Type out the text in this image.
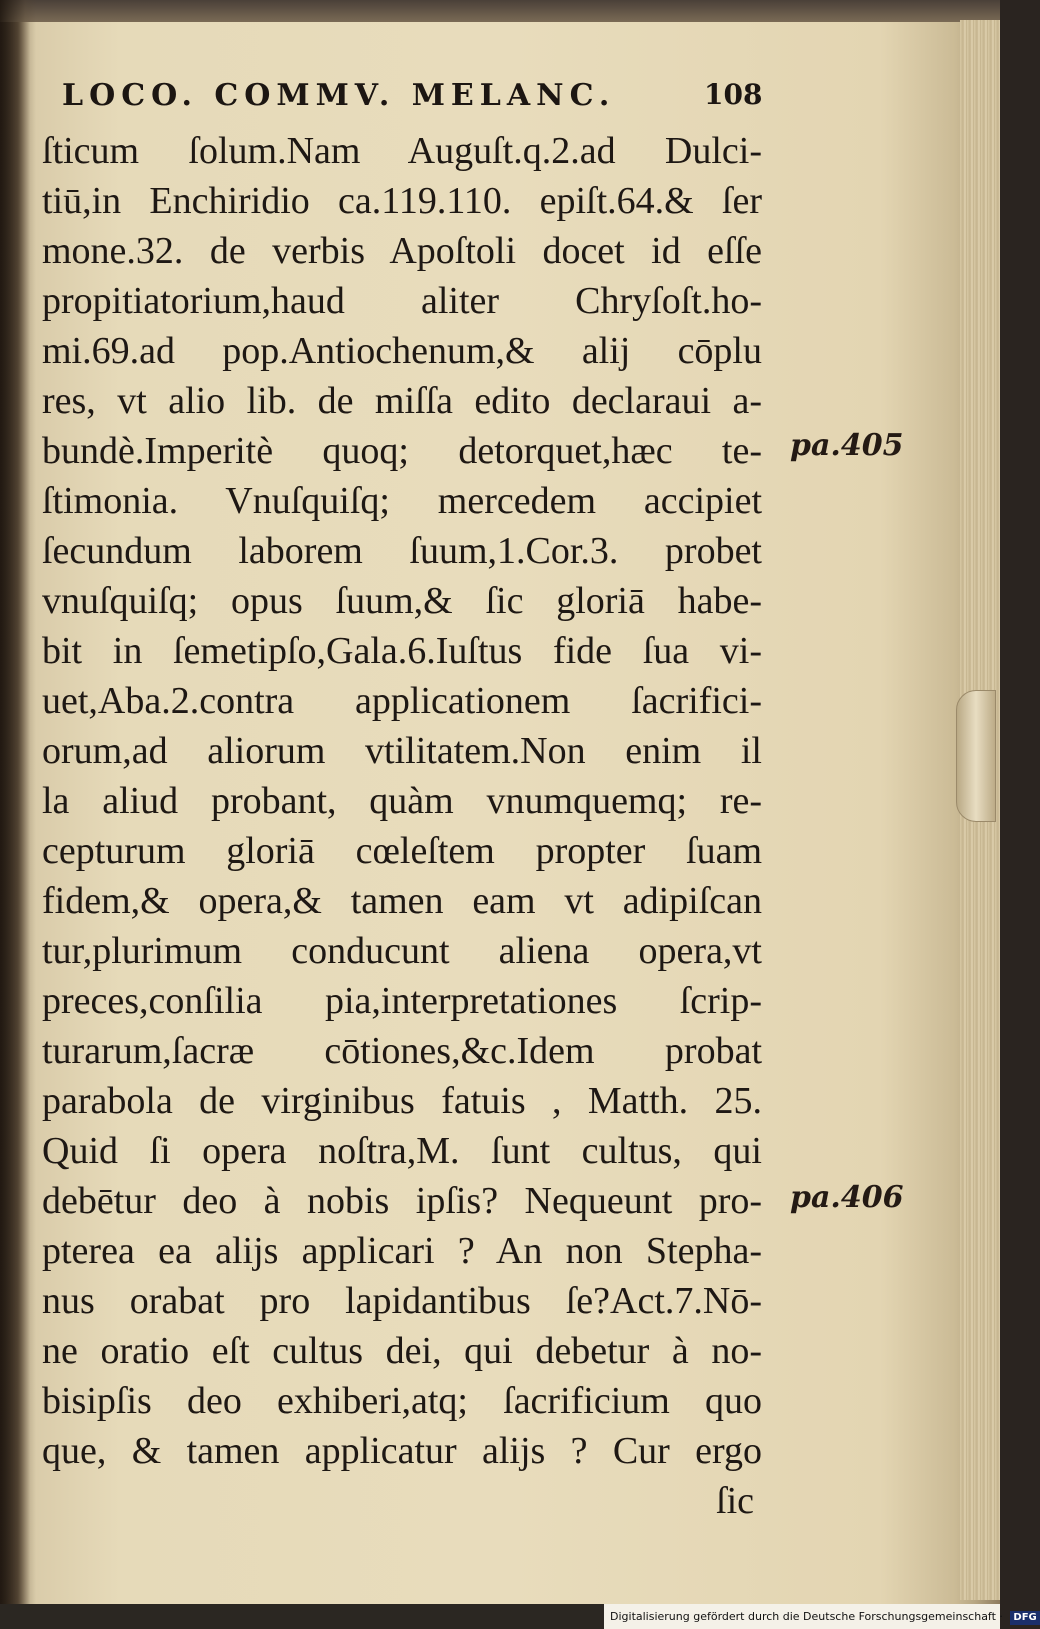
LOCO. COMMV. MELANC.	108
ſticum ſolum.Nam Auguſt.q.2.ad Dulci-
tiū,in Enchiridio ca.119.110. epiſt.64.& ſer
mone.32. de verbis Apoſtoli docet id eſſe
propitiatorium,haud aliter Chryſoſt.ho-
mi.69.ad pop.Antiochenum,& alij cōplu
res, vt alio lib. de miſſa edito declaraui a-
bundè.Imperitè quoq; detorquet,hæc te-
ſtimonia. Vnuſquiſq; mercedem accipiet
ſecundum laborem ſuum,1.Cor.3. probet
vnuſquiſq; opus ſuum,& ſic gloriā habe-
bit in ſemetipſo,Gala.6.Iuſtus fide ſua vi-
uet,Aba.2.contra applicationem ſacrifici-
orum,ad aliorum vtilitatem.Non enim il
la aliud probant, quàm vnumquemq; re-
cepturum gloriā cœleſtem propter ſuam
fidem,& opera,& tamen eam vt adipiſcan
tur,plurimum conducunt aliena opera,vt
preces,conſilia pia,interpretationes ſcrip-
turarum,ſacræ cōtiones,&c.Idem probat
parabola de virginibus fatuis , Matth. 25.
Quid ſi opera noſtra,M. ſunt cultus, qui
debētur deo à nobis ipſis? Nequeunt pro-
pterea ea alijs applicari ? An non Stepha-
nus orabat pro lapidantibus ſe?Act.7.Nō-
ne oratio eſt cultus dei, qui debetur à no-
bisipſis deo exhiberi,atq; ſacrificium quo
que, & tamen applicatur alijs ? Cur ergo
ſic
pa.405
pa.406
Digitalisierung gefördert durch die Deutsche Forschungsgemeinschaft · DFG
